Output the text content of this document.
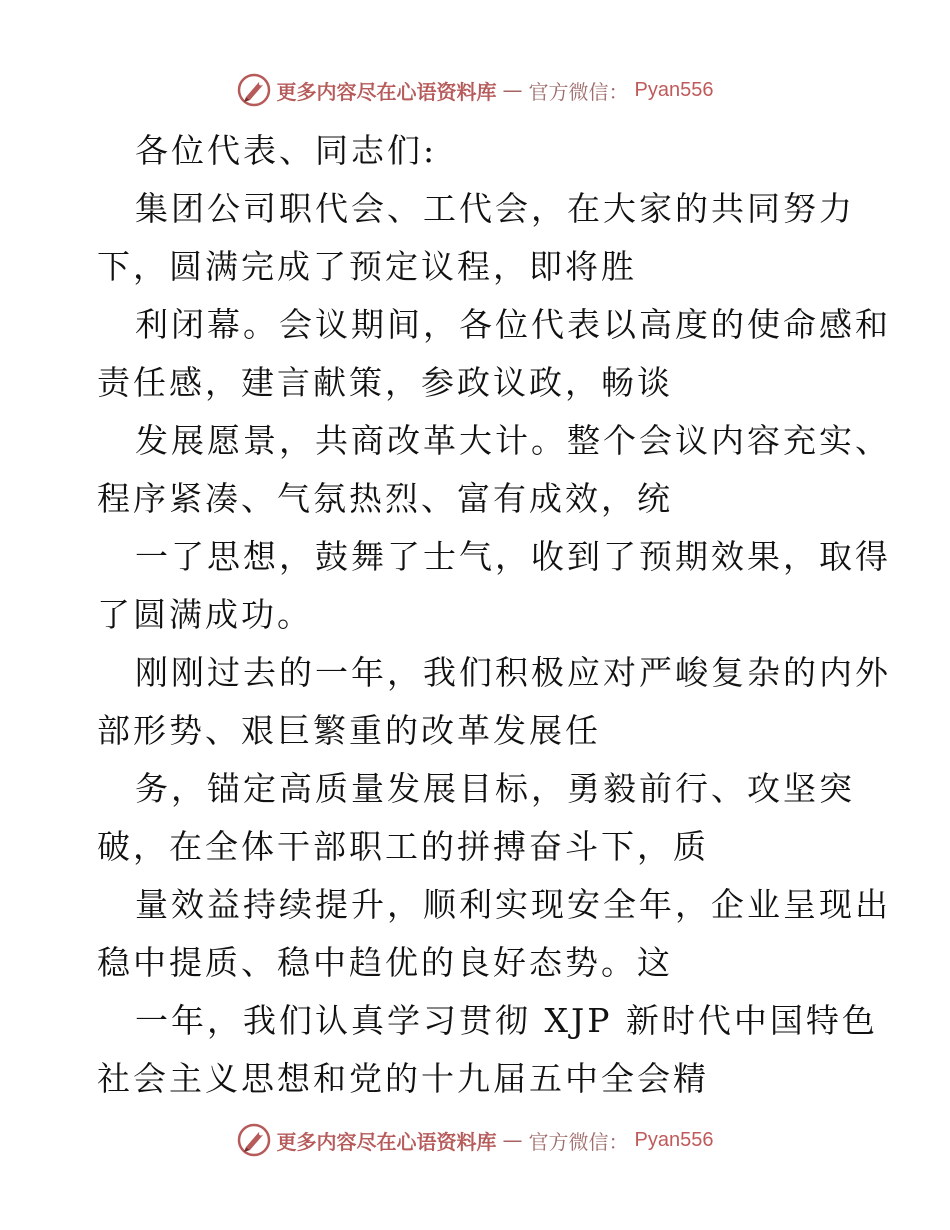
更多内容尽在心语资料库 — 官方微信： Pyan556
各位代表、同志们:
集团公司职代会、工代会，在大家的共同努力
下，圆满完成了预定议程，即将胜
利闭幕。会议期间，各位代表以高度的使命感和
责任感，建言献策，参政议政，畅谈
发展愿景，共商改革大计。整个会议内容充实、
程序紧凑、气氛热烈、富有成效，统
一了思想，鼓舞了士气，收到了预期效果，取得
了圆满成功。
刚刚过去的一年，我们积极应对严峻复杂的内外
部形势、艰巨繁重的改革发展任
务，锚定高质量发展目标，勇毅前行、攻坚突
破，在全体干部职工的拼搏奋斗下，质
量效益持续提升，顺利实现安全年，企业呈现出
稳中提质、稳中趋优的良好态势。这
一年，我们认真学习贯彻 XJP 新时代中国特色
社会主义思想和党的十九届五中全会精
更多内容尽在心语资料库 — 官方微信： Pyan556
